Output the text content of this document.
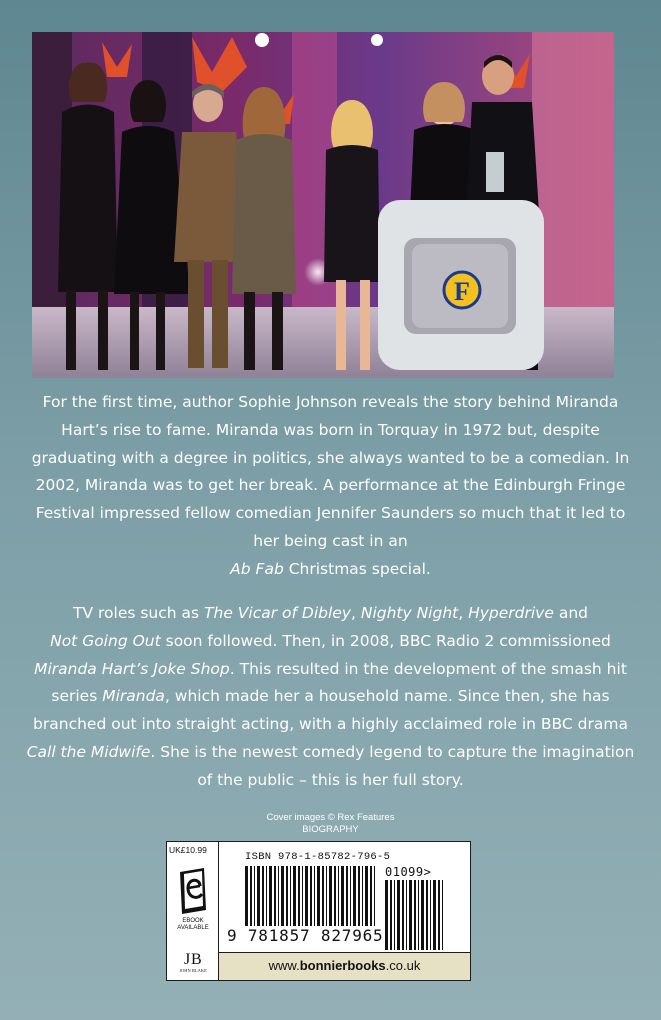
F

For the first time, author Sophie Johnson reveals the story behind Miranda Hart’s rise to fame. Miranda was born in Torquay in 1972 but, despite graduating with a degree in politics, she always wanted to be a comedian. In 2002, Miranda was to get her break. A performance at the Edinburgh Fringe Festival impressed fellow comedian Jennifer Saunders so much that it led to her being cast in an
Ab Fab Christmas special.

TV roles such as The Vicar of Dibley, Nighty Night, Hyperdrive and
Not Going Out soon followed. Then, in 2008, BBC Radio 2 commissioned Miranda Hart’s Joke Shop. This resulted in the development of the smash hit series Miranda, which made her a household name. Since then, she has branched out into straight acting, with a highly acclaimed role in BBC drama Call the Midwife. She is the newest comedy legend to capture the imagination of the public – this is her full story.

Cover images © Rex Features
BIOGRAPHY
UK£10.99
EBOOK
AVAILABLE
J B
JOHN BLAKE
ISBN 978-1-85782-796-5
9 781857 827965
01099>
www.bonnierbooks.co.uk
